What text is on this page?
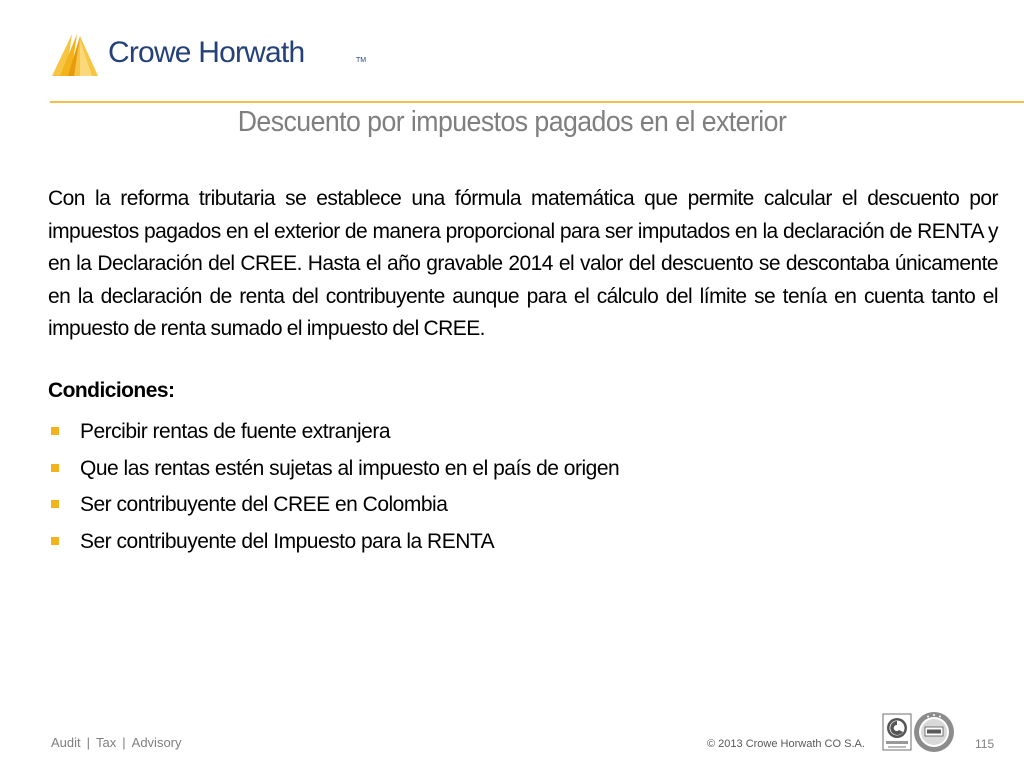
Crowe Horwath	TM
Descuento por impuestos pagados en el exterior

Con la reforma tributaria se establece una fórmula matemática que permite calcular el descuento por impuestos pagados en el exterior de manera proporcional para ser imputados en la declaración de RENTA y en la Declaración del CREE. Hasta el año gravable 2014 el valor del descuento se descontaba únicamente en la declaración de renta del contribuyente aunque para el cálculo del límite se tenía en cuenta tanto el impuesto de renta sumado el impuesto del CREE.

Condiciones:
Percibir rentas de fuente extranjera
Que las rentas estén sujetas al impuesto en el país de origen
Ser contribuyente del CREE en Colombia
Ser contribuyente del Impuesto para la RENTA
Audit | Tax | Advisory	© 2013 Crowe Horwath CO S.A.	115
